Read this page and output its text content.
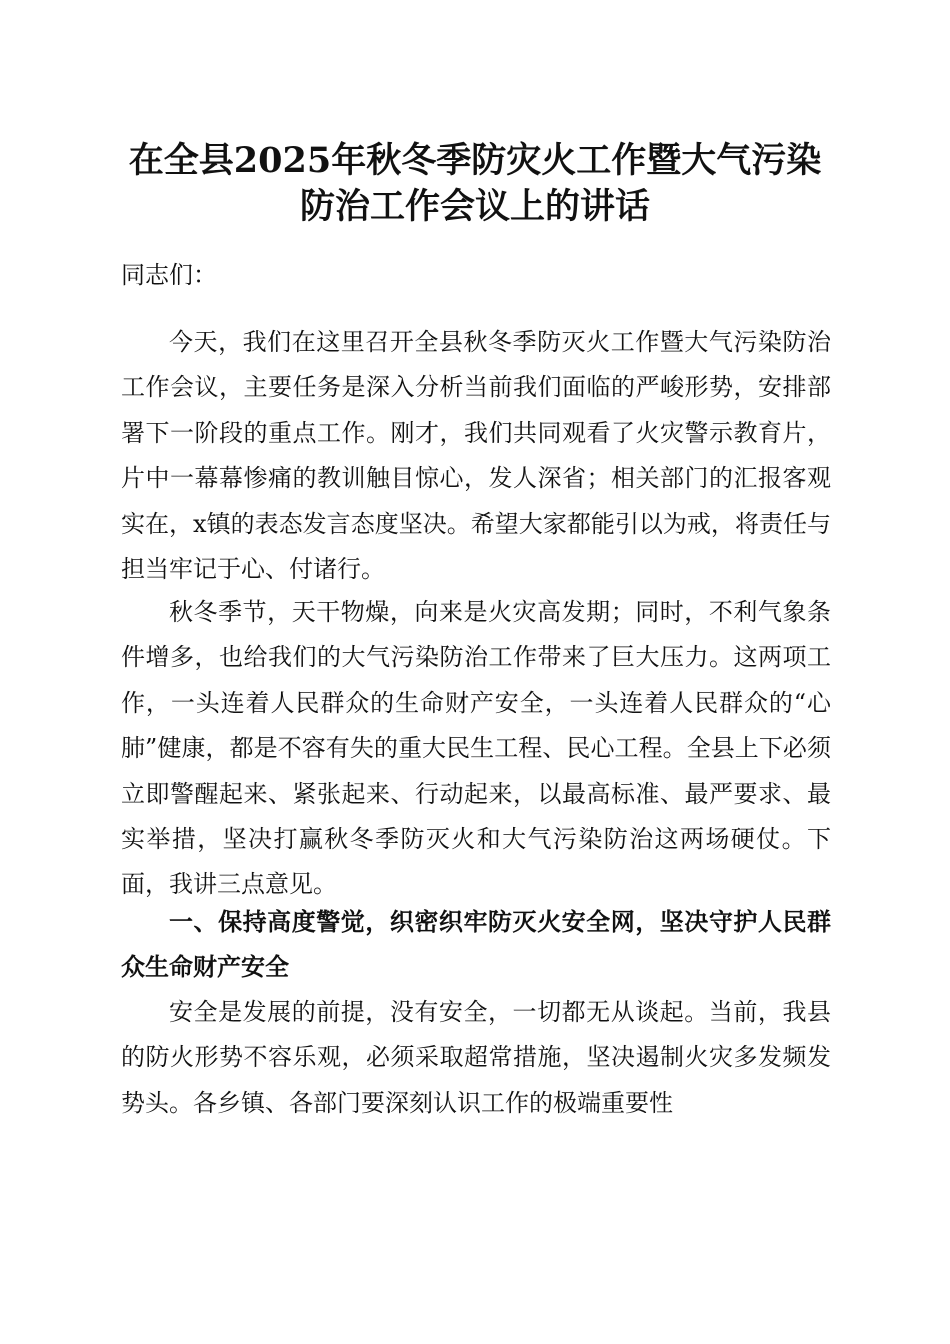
在全县2025年秋冬季防灾火工作暨大气污染
防治工作会议上的讲话

同志们：

今天，我们在这里召开全县秋冬季防灭火工作暨大气污染防治工作会议，主要任务是深入分析当前我们面临的严峻形势，安排部署下一阶段的重点工作。刚才，我们共同观看了火灾警示教育片，片中一幕幕惨痛的教训触目惊心，发人深省；相关部门的汇报客观实在，x镇的表态发言态度坚决。希望大家都能引以为戒，将责任与担当牢记于心、付诸行。

秋冬季节，天干物燥，向来是火灾高发期；同时，不利气象条件增多，也给我们的大气污染防治工作带来了巨大压力。这两项工作，一头连着人民群众的生命财产安全，一头连着人民群众的“心肺”健康，都是不容有失的重大民生工程、民心工程。全县上下必须立即警醒起来、紧张起来、行动起来，以最高标准、最严要求、最实举措，坚决打赢秋冬季防灭火和大气污染防治这两场硬仗。下面，我讲三点意见。

一、保持高度警觉，织密织牢防灭火安全网，坚决守护人民群众生命财产安全

安全是发展的前提，没有安全，一切都无从谈起。当前，我县的防火形势不容乐观，必须采取超常措施，坚决遏制火灾多发频发势头。各乡镇、各部门要深刻认识工作的极端重要性
